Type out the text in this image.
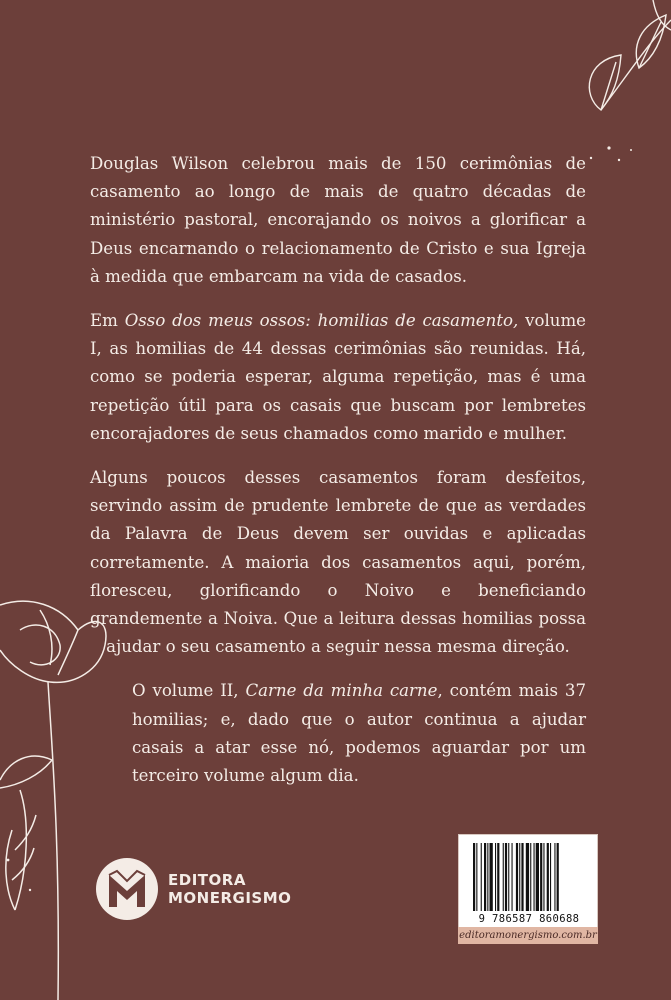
Douglas Wilson celebrou mais de 150 cerimônias de casamento ao longo de mais de quatro décadas de ministério pastoral, encorajando os noivos a glorificar a Deus encarnando o relacionamento de Cristo e sua Igreja à medida que embarcam na vida de casados.

Em Osso dos meus ossos: homilias de casamento, volume I, as homilias de 44 dessas cerimônias são reunidas. Há, como se poderia esperar, alguma repetição, mas é uma repetição útil para os casais que buscam por lembretes encorajadores de seus chamados como marido e mulher.

Alguns poucos desses casamentos foram desfeitos, servindo assim de prudente lembrete de que as verdades da Palavra de Deus devem ser ouvidas e aplicadas corretamente. A maioria dos casamentos aqui, porém, floresceu, glorificando o Noivo e beneficiando grandemente a Noiva. Que a leitura dessas homilias possa ajudar o seu casamento a seguir nessa mesma direção.

O volume II, Carne da minha carne, contém mais 37 homilias; e, dado que o autor continua a ajudar casais a atar esse nó, podemos aguardar por um terceiro volume algum dia.

EDITORA
MONERGISMO
9 786587 860688
editoramonergismo.com.br
